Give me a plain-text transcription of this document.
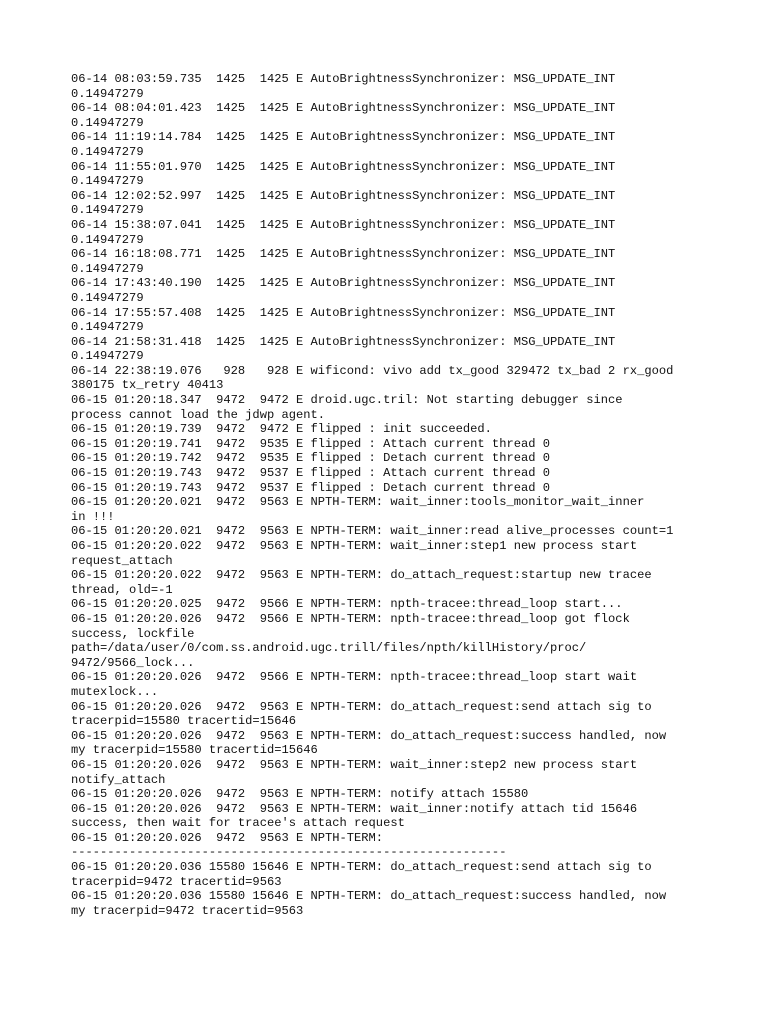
06-14 08:03:59.735  1425  1425 E AutoBrightnessSynchronizer: MSG_UPDATE_INT
0.14947279
06-14 08:04:01.423  1425  1425 E AutoBrightnessSynchronizer: MSG_UPDATE_INT
0.14947279
06-14 11:19:14.784  1425  1425 E AutoBrightnessSynchronizer: MSG_UPDATE_INT
0.14947279
06-14 11:55:01.970  1425  1425 E AutoBrightnessSynchronizer: MSG_UPDATE_INT
0.14947279
06-14 12:02:52.997  1425  1425 E AutoBrightnessSynchronizer: MSG_UPDATE_INT
0.14947279
06-14 15:38:07.041  1425  1425 E AutoBrightnessSynchronizer: MSG_UPDATE_INT
0.14947279
06-14 16:18:08.771  1425  1425 E AutoBrightnessSynchronizer: MSG_UPDATE_INT
0.14947279
06-14 17:43:40.190  1425  1425 E AutoBrightnessSynchronizer: MSG_UPDATE_INT
0.14947279
06-14 17:55:57.408  1425  1425 E AutoBrightnessSynchronizer: MSG_UPDATE_INT
0.14947279
06-14 21:58:31.418  1425  1425 E AutoBrightnessSynchronizer: MSG_UPDATE_INT
0.14947279
06-14 22:38:19.076   928   928 E wificond: vivo add tx_good 329472 tx_bad 2 rx_good
380175 tx_retry 40413
06-15 01:20:18.347  9472  9472 E droid.ugc.tril: Not starting debugger since
process cannot load the jdwp agent.
06-15 01:20:19.739  9472  9472 E flipped : init succeeded.
06-15 01:20:19.741  9472  9535 E flipped : Attach current thread 0
06-15 01:20:19.742  9472  9535 E flipped : Detach current thread 0
06-15 01:20:19.743  9472  9537 E flipped : Attach current thread 0
06-15 01:20:19.743  9472  9537 E flipped : Detach current thread 0
06-15 01:20:20.021  9472  9563 E NPTH-TERM: wait_inner:tools_monitor_wait_inner
in !!!
06-15 01:20:20.021  9472  9563 E NPTH-TERM: wait_inner:read alive_processes count=1
06-15 01:20:20.022  9472  9563 E NPTH-TERM: wait_inner:step1 new process start
request_attach
06-15 01:20:20.022  9472  9563 E NPTH-TERM: do_attach_request:startup new tracee
thread, old=-1
06-15 01:20:20.025  9472  9566 E NPTH-TERM: npth-tracee:thread_loop start...
06-15 01:20:20.026  9472  9566 E NPTH-TERM: npth-tracee:thread_loop got flock
success, lockfile
path=/data/user/0/com.ss.android.ugc.trill/files/npth/killHistory/proc/
9472/9566_lock...
06-15 01:20:20.026  9472  9566 E NPTH-TERM: npth-tracee:thread_loop start wait
mutexlock...
06-15 01:20:20.026  9472  9563 E NPTH-TERM: do_attach_request:send attach sig to
tracerpid=15580 tracertid=15646
06-15 01:20:20.026  9472  9563 E NPTH-TERM: do_attach_request:success handled, now
my tracerpid=15580 tracertid=15646
06-15 01:20:20.026  9472  9563 E NPTH-TERM: wait_inner:step2 new process start
notify_attach
06-15 01:20:20.026  9472  9563 E NPTH-TERM: notify attach 15580
06-15 01:20:20.026  9472  9563 E NPTH-TERM: wait_inner:notify attach tid 15646
success, then wait for tracee's attach request
06-15 01:20:20.026  9472  9563 E NPTH-TERM:
------------------------------------------------------------
06-15 01:20:20.036 15580 15646 E NPTH-TERM: do_attach_request:send attach sig to
tracerpid=9472 tracertid=9563
06-15 01:20:20.036 15580 15646 E NPTH-TERM: do_attach_request:success handled, now
my tracerpid=9472 tracertid=9563
